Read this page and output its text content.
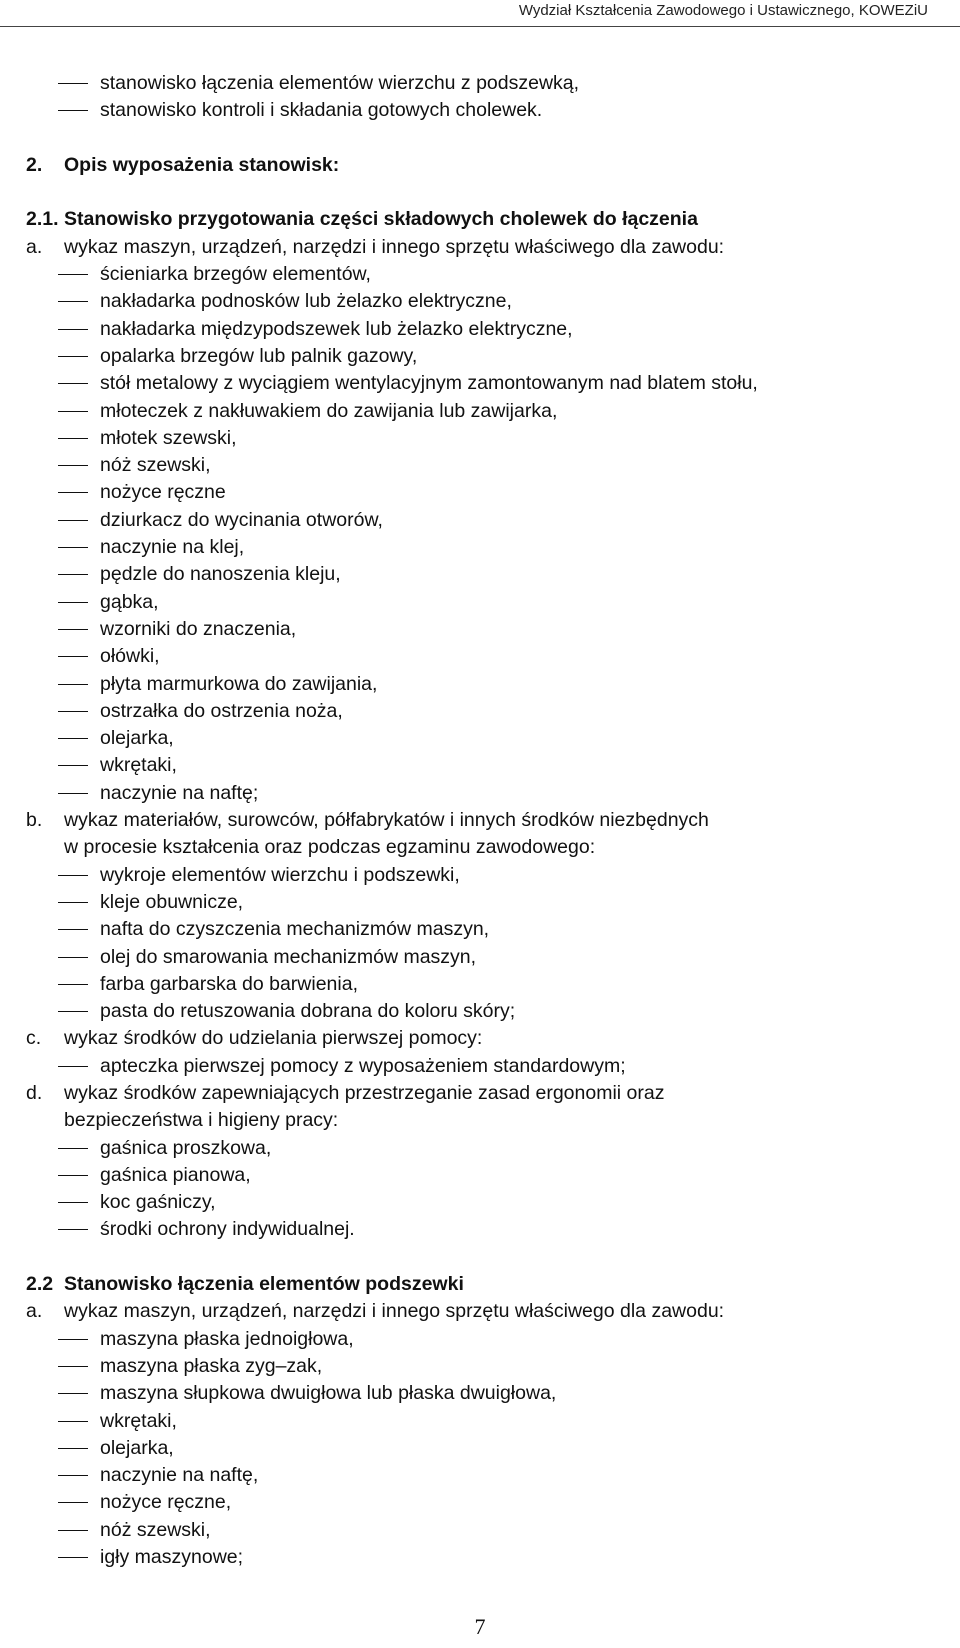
Wydział Kształcenia Zawodowego i Ustawicznego, KOWEZiU
stanowisko łączenia elementów wierzchu z podszewką,
stanowisko kontroli i składania gotowych cholewek.
2. Opis wyposażenia stanowisk:
2.1. Stanowisko przygotowania części składowych cholewek do łączenia
a. wykaz maszyn, urządzeń, narzędzi i innego sprzętu właściwego dla zawodu:
ścieniarka brzegów elementów,
nakładarka podnosków lub żelazko elektryczne,
nakładarka międzypodszewek lub żelazko elektryczne,
opalarka brzegów lub palnik gazowy,
stół metalowy z wyciągiem wentylacyjnym zamontowanym nad blatem stołu,
młoteczek z nakłuwakiem do zawijania lub zawijarka,
młotek szewski,
nóż szewski,
nożyce ręczne
dziurkacz do wycinania otworów,
naczynie na klej,
pędzle do nanoszenia kleju,
gąbka,
wzorniki do znaczenia,
ołówki,
płyta marmurkowa do zawijania,
ostrzałka do ostrzenia noża,
olejarka,
wkrętaki,
naczynie na naftę;
b. wykaz materiałów, surowców, półfabrykatów i innych środków niezbędnych
w procesie kształcenia oraz podczas egzaminu zawodowego:
wykroje elementów wierzchu i podszewki,
kleje obuwnicze,
nafta do czyszczenia mechanizmów maszyn,
olej do smarowania mechanizmów maszyn,
farba garbarska do barwienia,
pasta do retuszowania dobrana do koloru skóry;
c. wykaz środków do udzielania pierwszej pomocy:
apteczka pierwszej pomocy z wyposażeniem standardowym;
d. wykaz środków zapewniających przestrzeganie zasad ergonomii oraz
bezpieczeństwa i higieny pracy:
gaśnica proszkowa,
gaśnica pianowa,
koc gaśniczy,
środki ochrony indywidualnej.
2.2 Stanowisko łączenia elementów podszewki
a. wykaz maszyn, urządzeń, narzędzi i innego sprzętu właściwego dla zawodu:
maszyna płaska jednoigłowa,
maszyna płaska zyg–zak,
maszyna słupkowa dwuigłowa lub płaska dwuigłowa,
wkrętaki,
olejarka,
naczynie na naftę,
nożyce ręczne,
nóż szewski,
igły maszynowe;
7
